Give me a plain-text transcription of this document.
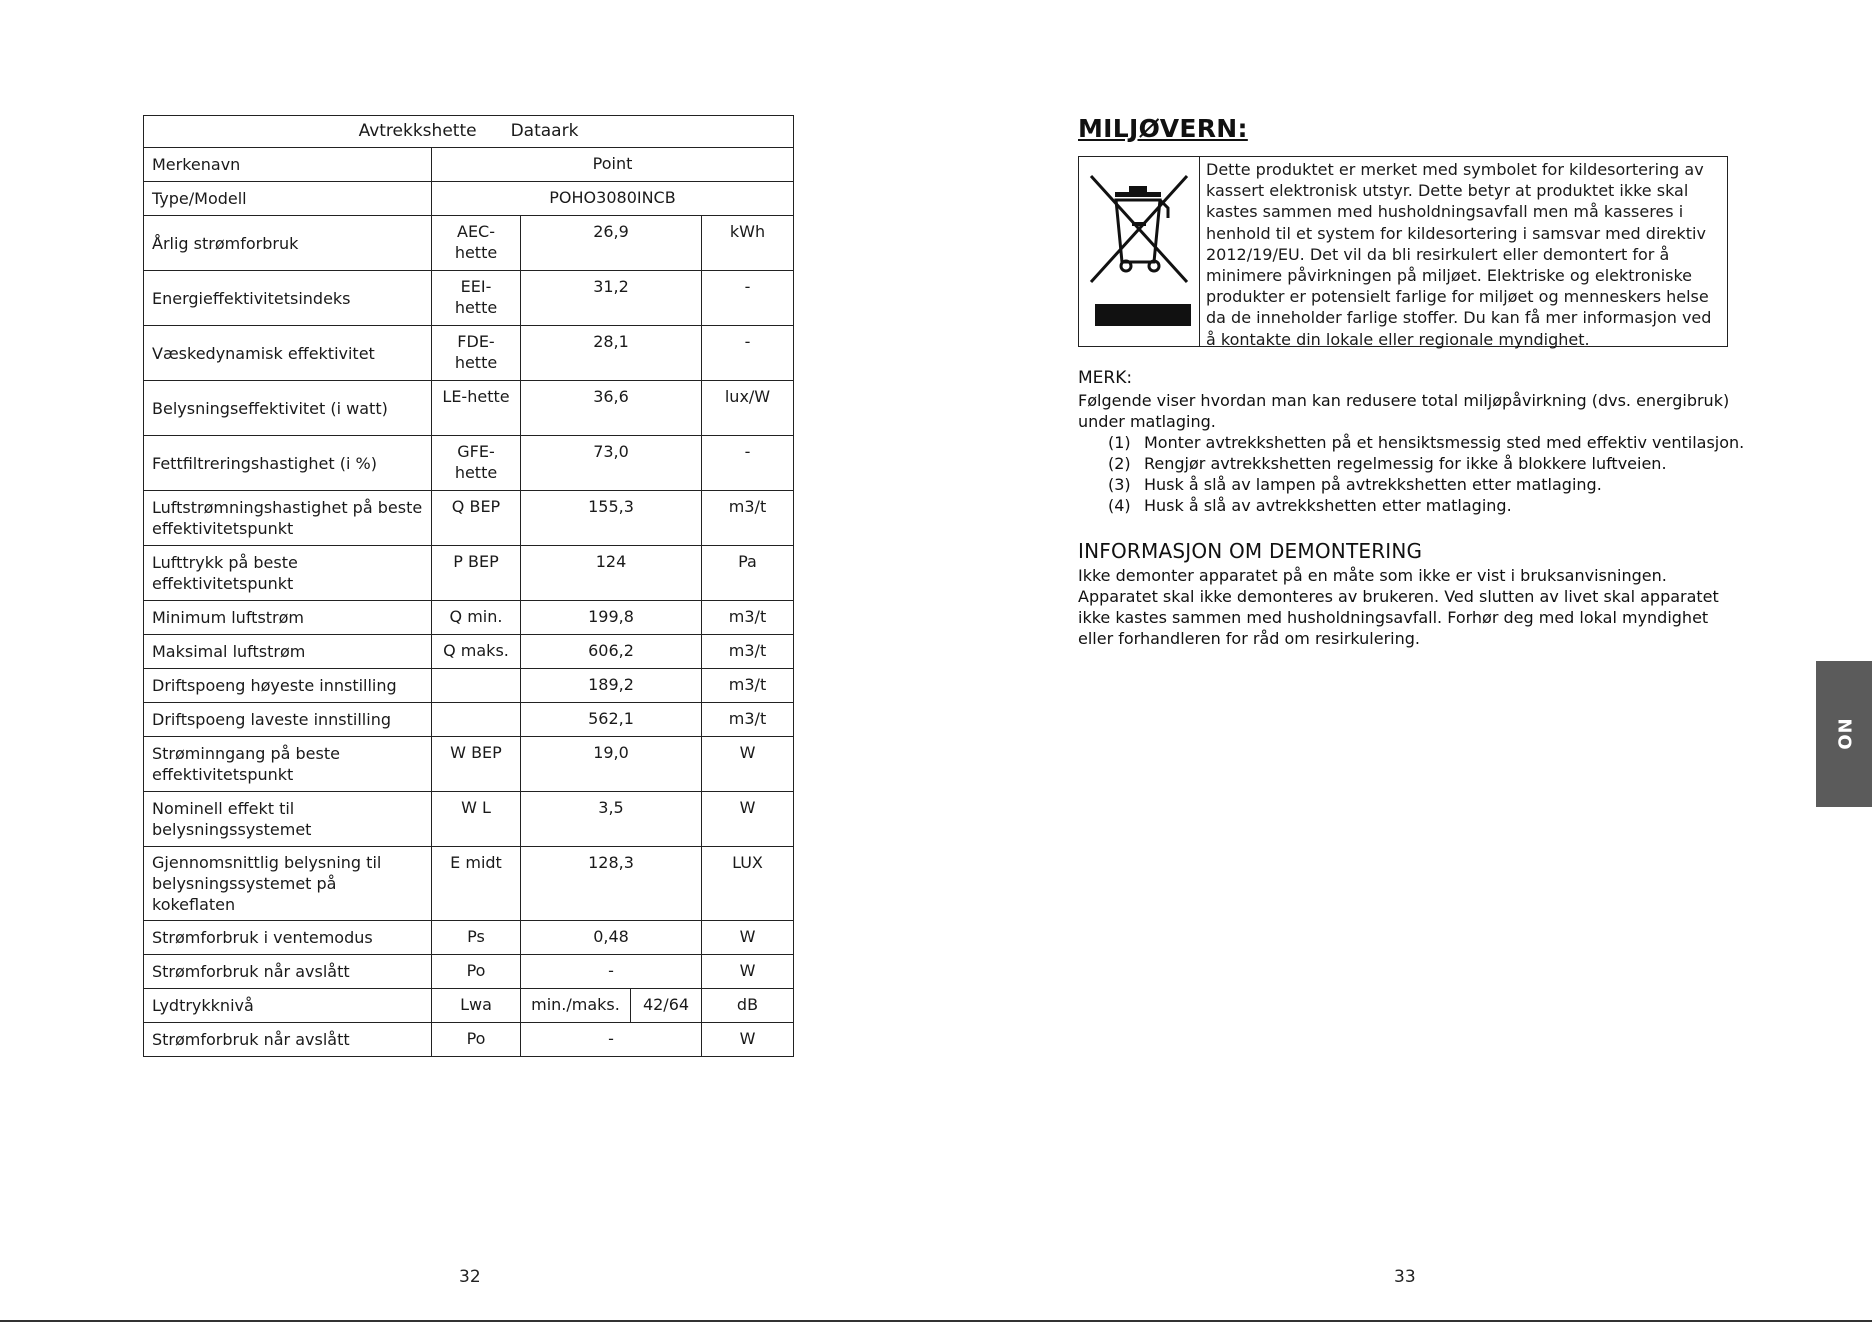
Avtrekkshette Dataark				
Merkenavn	Point			
Type/Modell	POHO3080INCB			
Årlig strømforbruk	AEC-hette	26,9		kWh
Energieffektivitetsindeks	EEI-hette	31,2		-
Væskedynamisk effektivitet	FDE-hette	28,1		-
Belysningseffektivitet (i watt)	LE-hette	36,6		lux/W
Fettfiltreringshastighet (i %)	GFE-hette	73,0		-
Luftstrømningshastighet på beste effektivitetspunkt	Q BEP	155,3		m3/t
Lufttrykk på beste effektivitetspunkt	P BEP	124		Pa
Minimum luftstrøm	Q min.	199,8		m3/t
Maksimal luftstrøm	Q maks.	606,2		m3/t
Driftspoeng høyeste innstilling		189,2		m3/t
Driftspoeng laveste innstilling		562,1		m3/t
Strøminngang på beste effektivitetspunkt	W BEP	19,0		W
Nominell effekt til belysningssystemet	W L	3,5		W
Gjennomsnittlig belysning til belysningssystemet på kokeflaten	E midt	128,3		LUX
Strømforbruk i ventemodus	Ps	0,48		W
Strømforbruk når avslått	Po	-		W
Lydtrykknivå	Lwa	min./maks.	42/64	dB
Strømforbruk når avslått	Po	-		W
32
MILJØVERN:
Dette produktet er merket med symbolet for kildesortering av kassert elektronisk utstyr. Dette betyr at produktet ikke skal kastes sammen med husholdningsavfall men må kasseres i henhold til et system for kildesortering i samsvar med direktiv 2012/19/EU. Det vil da bli resirkulert eller demontert for å minimere påvirkningen på miljøet. Elektriske og elektroniske produkter er potensielt farlige for miljøet og menneskers helse da de inneholder farlige stoffer. Du kan få mer informasjon ved å kontakte din lokale eller regionale myndighet.
MERK:

Følgende viser hvordan man kan redusere total miljøpåvirkning (dvs. energibruk) under matlaging.

(1) Monter avtrekkshetten på et hensiktsmessig sted med effektiv ventilasjon.
(2) Rengjør avtrekkshetten regelmessig for ikke å blokkere luftveien.
(3) Husk å slå av lampen på avtrekkshetten etter matlaging.
(4) Husk å slå av avtrekkshetten etter matlaging.
INFORMASJON OM DEMONTERING

Ikke demonter apparatet på en måte som ikke er vist i bruksanvisningen. Apparatet skal ikke demonteres av brukeren. Ved slutten av livet skal apparatet ikke kastes sammen med husholdningsavfall. Forhør deg med lokal myndighet eller forhandleren for råd om resirkulering.

NO
33
